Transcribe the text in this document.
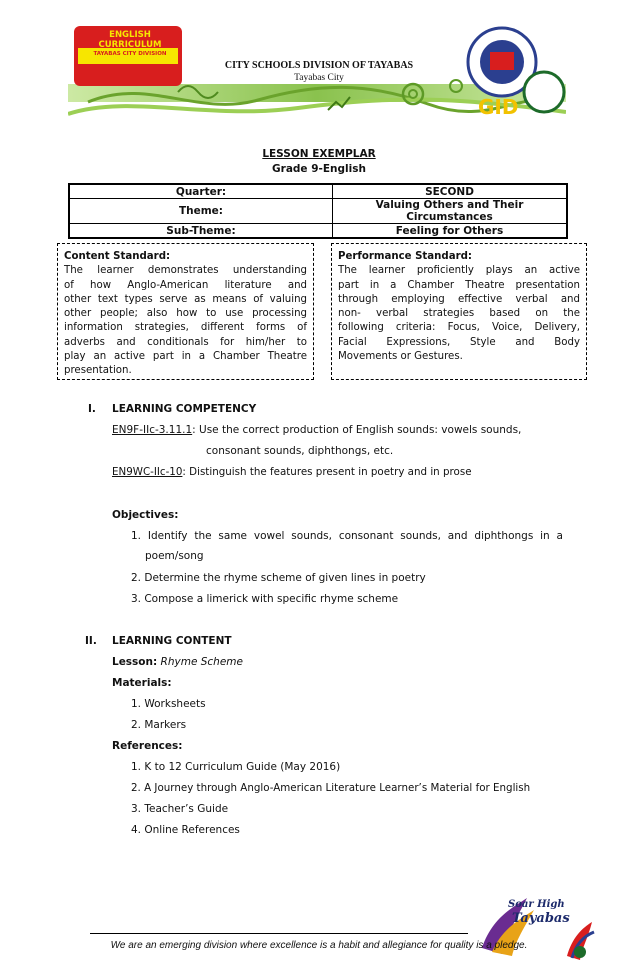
GID
ENGLISH CURRICULUM
TAYABAS CITY DIVISION
CITY SCHOOLS DIVISION OF TAYABAS
Tayabas City
LESSON EXEMPLAR
Grade 9-English
Quarter:	SECOND
Theme:	Valuing Others and Their Circumstances
Sub-Theme:	Feeling for Others
Content Standard:
The learner demonstrates understanding
of how Anglo-American literature and
other text types serve as means of valuing
other people; also how to use processing
information strategies, different forms of
adverbs and conditionals for him/her to
play an active part in a Chamber Theatre
presentation.
Performance Standard:
The learner proficiently plays an active
part in a Chamber Theatre presentation
through employing effective verbal and
non- verbal strategies based on the
following criteria: Focus, Voice, Delivery,
Facial Expressions, Style and Body
Movements or Gestures.
I. LEARNING COMPETENCY
EN9F-IIc-3.11.1: Use the correct production of English sounds: vowels sounds,
consonant sounds, diphthongs, etc.
EN9WC-IIc-10: Distinguish the features present in poetry and in prose
Objectives:
1. Identify the same vowel sounds, consonant sounds, and diphthongs in a
poem/song
2. Determine the rhyme scheme of given lines in poetry
3. Compose a limerick with specific rhyme scheme
II. LEARNING CONTENT
Lesson: Rhyme Scheme
Materials:
1. Worksheets
2. Markers
References:
1. K to 12 Curriculum Guide (May 2016)
2. A Journey through Anglo-American Literature Learner’s Material for English
3. Teacher’s Guide
4. Online References
Soar High
Tayabas
We are an emerging division where excellence is a habit and allegiance for quality is a pledge.
